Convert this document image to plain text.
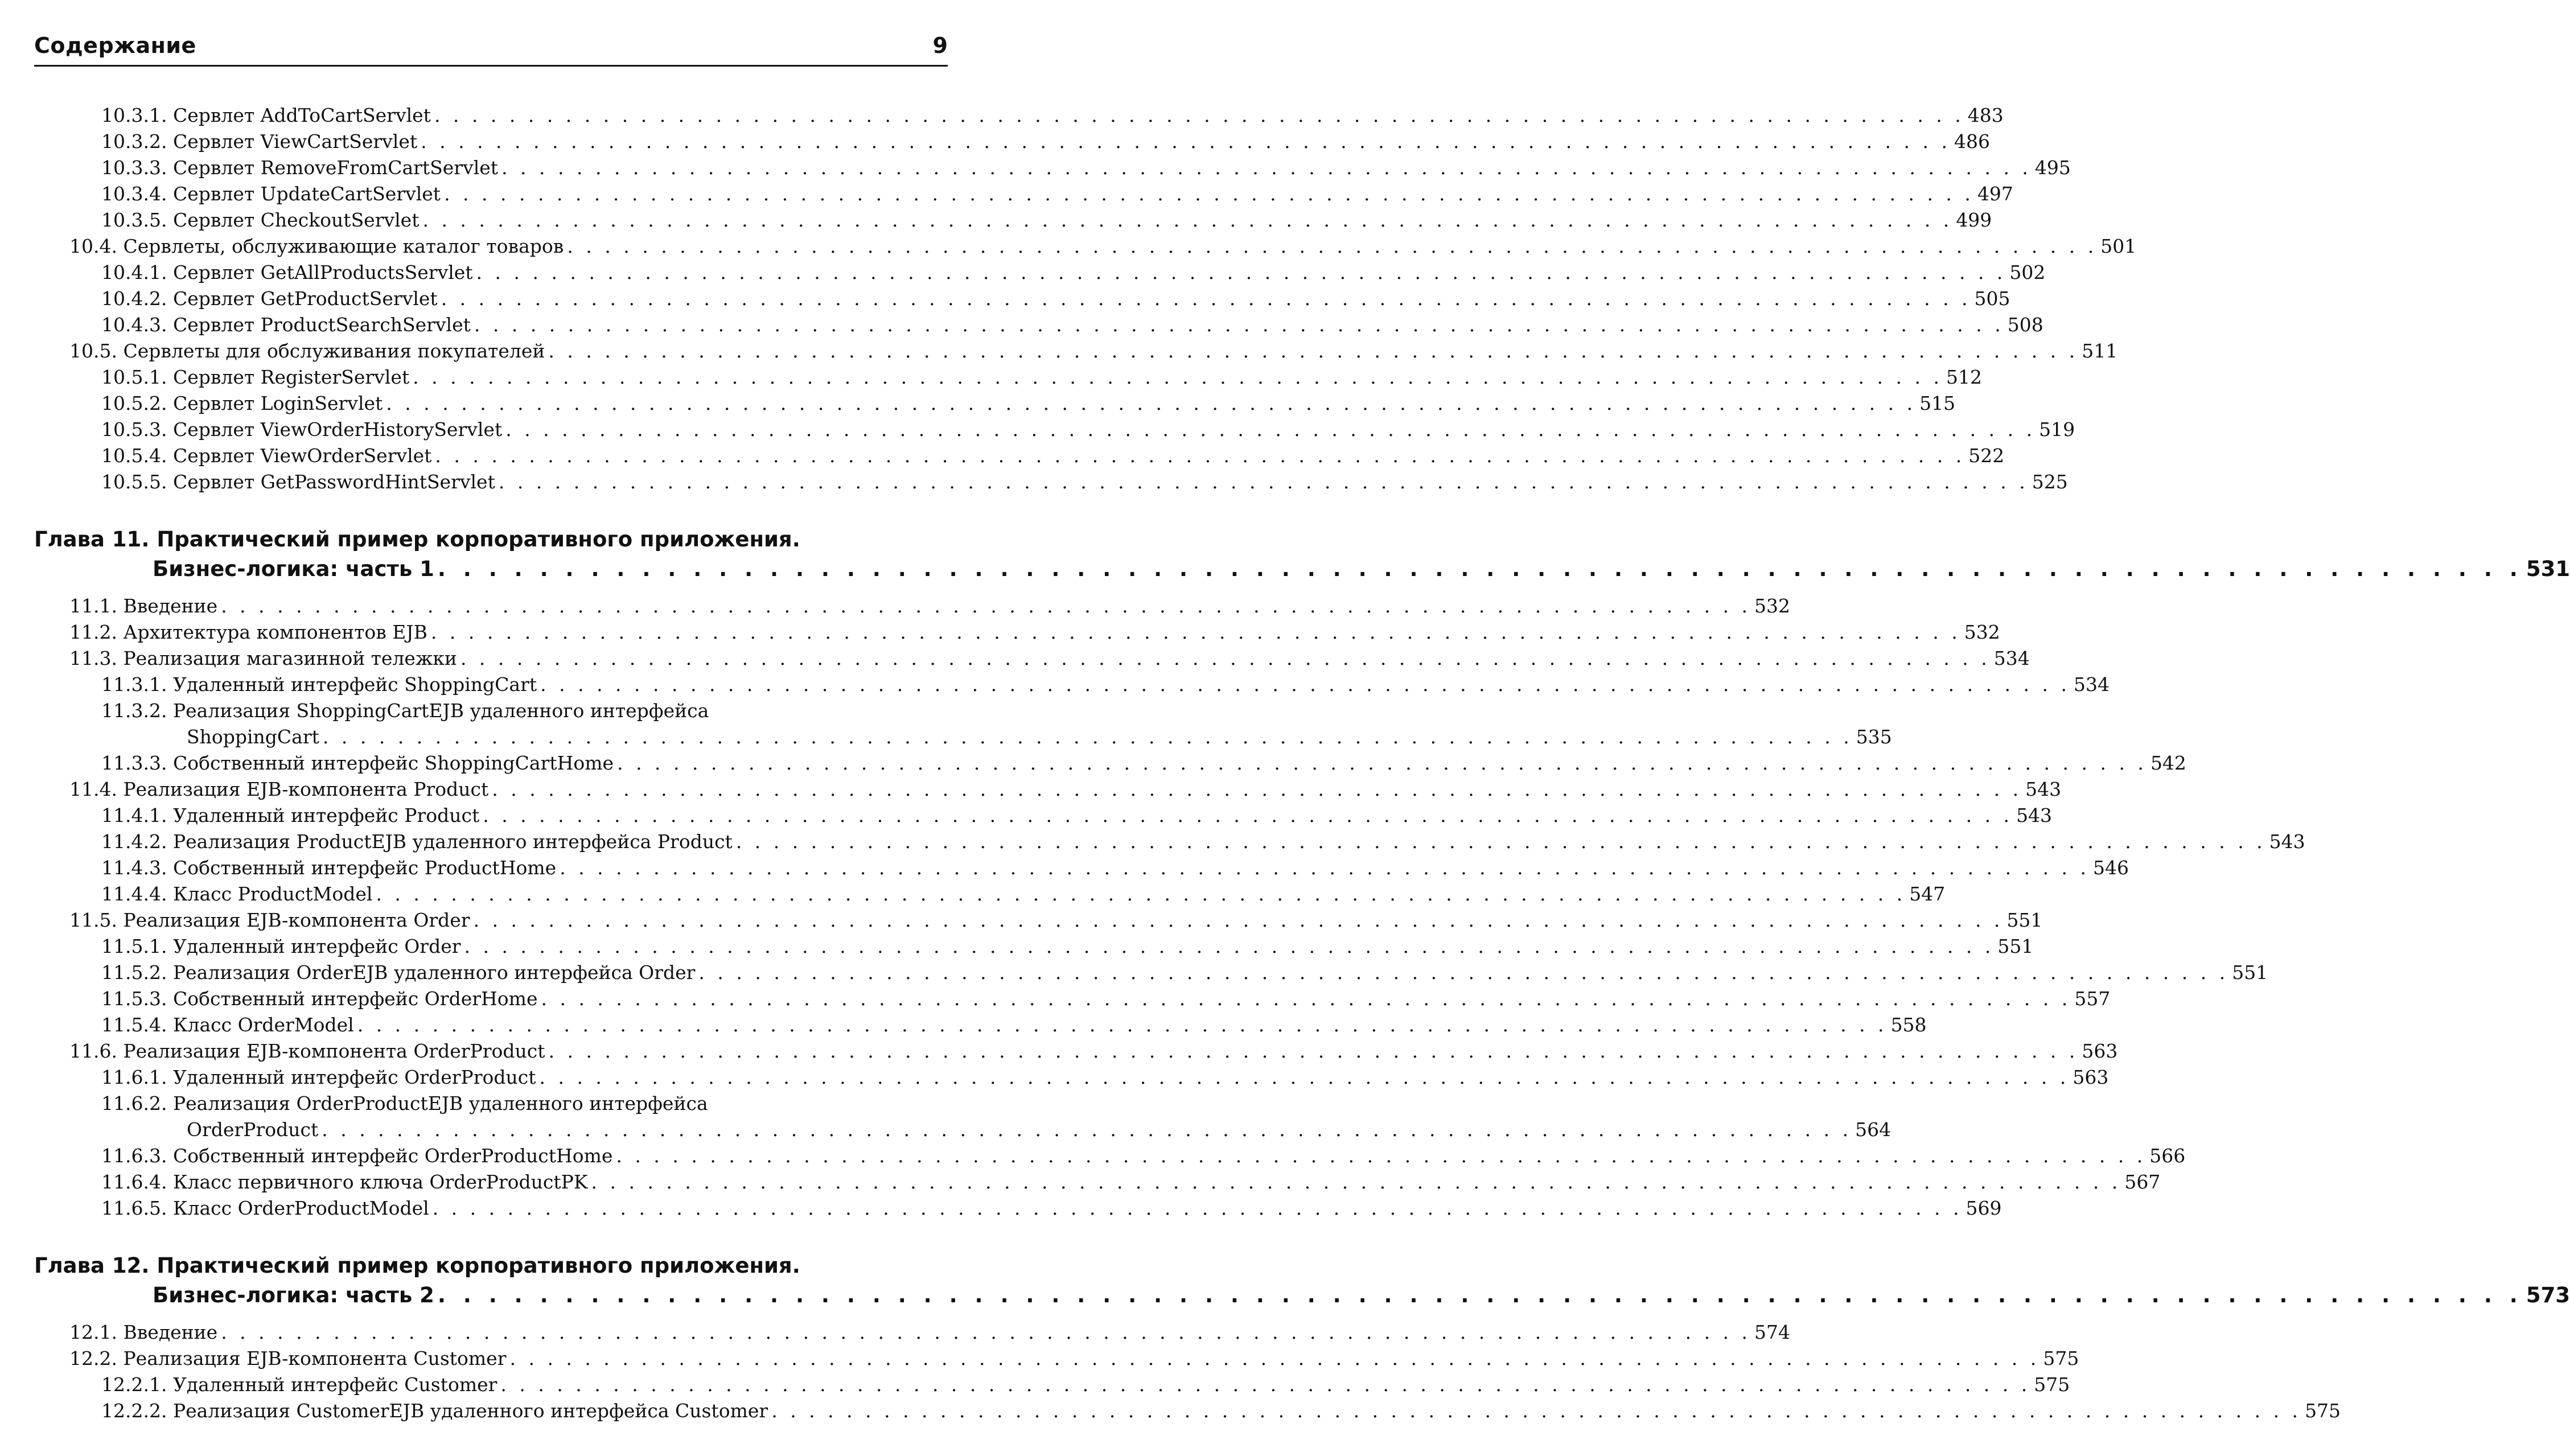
Содержание	9
10.3.1. Сервлет AddToCartServlet . . . . . . . . . . . . . . . . . . . . . . . . . . . . . . . . . . . . . . . . . . . . . . . . . . . . . . . . . . . . . . . . . . . . . . . . . . . . . . . . . . 483
10.3.2. Сервлет ViewCartServlet . . . . . . . . . . . . . . . . . . . . . . . . . . . . . . . . . . . . . . . . . . . . . . . . . . . . . . . . . . . . . . . . . . . . . . . . . . . . . . . . . . 486
10.3.3. Сервлет RemoveFromCartServlet . . . . . . . . . . . . . . . . . . . . . . . . . . . . . . . . . . . . . . . . . . . . . . . . . . . . . . . . . . . . . . . . . . . . . . . . . . . . . . . . . . 495
10.3.4. Сервлет UpdateCartServlet . . . . . . . . . . . . . . . . . . . . . . . . . . . . . . . . . . . . . . . . . . . . . . . . . . . . . . . . . . . . . . . . . . . . . . . . . . . . . . . . . . 497
10.3.5. Сервлет CheckoutServlet . . . . . . . . . . . . . . . . . . . . . . . . . . . . . . . . . . . . . . . . . . . . . . . . . . . . . . . . . . . . . . . . . . . . . . . . . . . . . . . . . . 499
10.4. Сервлеты, обслуживающие каталог товаров . . . . . . . . . . . . . . . . . . . . . . . . . . . . . . . . . . . . . . . . . . . . . . . . . . . . . . . . . . . . . . . . . . . . . . . . . . . . . . . . . . 501
10.4.1. Сервлет GetAllProductsServlet . . . . . . . . . . . . . . . . . . . . . . . . . . . . . . . . . . . . . . . . . . . . . . . . . . . . . . . . . . . . . . . . . . . . . . . . . . . . . . . . . . 502
10.4.2. Сервлет GetProductServlet . . . . . . . . . . . . . . . . . . . . . . . . . . . . . . . . . . . . . . . . . . . . . . . . . . . . . . . . . . . . . . . . . . . . . . . . . . . . . . . . . . 505
10.4.3. Сервлет ProductSearchServlet . . . . . . . . . . . . . . . . . . . . . . . . . . . . . . . . . . . . . . . . . . . . . . . . . . . . . . . . . . . . . . . . . . . . . . . . . . . . . . . . . . 508
10.5. Сервлеты для обслуживания покупателей . . . . . . . . . . . . . . . . . . . . . . . . . . . . . . . . . . . . . . . . . . . . . . . . . . . . . . . . . . . . . . . . . . . . . . . . . . . . . . . . . . 511
10.5.1. Сервлет RegisterServlet . . . . . . . . . . . . . . . . . . . . . . . . . . . . . . . . . . . . . . . . . . . . . . . . . . . . . . . . . . . . . . . . . . . . . . . . . . . . . . . . . . 512
10.5.2. Сервлет LoginServlet . . . . . . . . . . . . . . . . . . . . . . . . . . . . . . . . . . . . . . . . . . . . . . . . . . . . . . . . . . . . . . . . . . . . . . . . . . . . . . . . . . 515
10.5.3. Сервлет ViewOrderHistoryServlet . . . . . . . . . . . . . . . . . . . . . . . . . . . . . . . . . . . . . . . . . . . . . . . . . . . . . . . . . . . . . . . . . . . . . . . . . . . . . . . . . . 519
10.5.4. Сервлет ViewOrderServlet . . . . . . . . . . . . . . . . . . . . . . . . . . . . . . . . . . . . . . . . . . . . . . . . . . . . . . . . . . . . . . . . . . . . . . . . . . . . . . . . . . 522
10.5.5. Сервлет GetPasswordHintServlet . . . . . . . . . . . . . . . . . . . . . . . . . . . . . . . . . . . . . . . . . . . . . . . . . . . . . . . . . . . . . . . . . . . . . . . . . . . . . . . . . . 525
Глава 11. Практический пример корпоративного приложения.
Бизнес-логика: часть 1 . . . . . . . . . . . . . . . . . . . . . . . . . . . . . . . . . . . . . . . . . . . . . . . . . . . . . . . . . . . . . . . . . . . . . . . . . . . . . . . . . . 531
11.1. Введение . . . . . . . . . . . . . . . . . . . . . . . . . . . . . . . . . . . . . . . . . . . . . . . . . . . . . . . . . . . . . . . . . . . . . . . . . . . . . . . . . . 532
11.2. Архитектура компонентов EJB . . . . . . . . . . . . . . . . . . . . . . . . . . . . . . . . . . . . . . . . . . . . . . . . . . . . . . . . . . . . . . . . . . . . . . . . . . . . . . . . . . 532
11.3. Реализация магазинной тележки . . . . . . . . . . . . . . . . . . . . . . . . . . . . . . . . . . . . . . . . . . . . . . . . . . . . . . . . . . . . . . . . . . . . . . . . . . . . . . . . . . 534
11.3.1. Удаленный интерфейс ShoppingCart . . . . . . . . . . . . . . . . . . . . . . . . . . . . . . . . . . . . . . . . . . . . . . . . . . . . . . . . . . . . . . . . . . . . . . . . . . . . . . . . . . 534
11.3.2. Реализация ShoppingCartEJB удаленного интерфейса
ShoppingCart . . . . . . . . . . . . . . . . . . . . . . . . . . . . . . . . . . . . . . . . . . . . . . . . . . . . . . . . . . . . . . . . . . . . . . . . . . . . . . . . . . 535
11.3.3. Собственный интерфейс ShoppingCartHome . . . . . . . . . . . . . . . . . . . . . . . . . . . . . . . . . . . . . . . . . . . . . . . . . . . . . . . . . . . . . . . . . . . . . . . . . . . . . . . . . . 542
11.4. Реализация EJB-компонента Product . . . . . . . . . . . . . . . . . . . . . . . . . . . . . . . . . . . . . . . . . . . . . . . . . . . . . . . . . . . . . . . . . . . . . . . . . . . . . . . . . . 543
11.4.1. Удаленный интерфейс Product . . . . . . . . . . . . . . . . . . . . . . . . . . . . . . . . . . . . . . . . . . . . . . . . . . . . . . . . . . . . . . . . . . . . . . . . . . . . . . . . . . 543
11.4.2. Реализация ProductEJB удаленного интерфейса Product . . . . . . . . . . . . . . . . . . . . . . . . . . . . . . . . . . . . . . . . . . . . . . . . . . . . . . . . . . . . . . . . . . . . . . . . . . . . . . . . . . 543
11.4.3. Собственный интерфейс ProductHome . . . . . . . . . . . . . . . . . . . . . . . . . . . . . . . . . . . . . . . . . . . . . . . . . . . . . . . . . . . . . . . . . . . . . . . . . . . . . . . . . . 546
11.4.4. Класс ProductModel . . . . . . . . . . . . . . . . . . . . . . . . . . . . . . . . . . . . . . . . . . . . . . . . . . . . . . . . . . . . . . . . . . . . . . . . . . . . . . . . . . 547
11.5. Реализация EJB-компонента Order . . . . . . . . . . . . . . . . . . . . . . . . . . . . . . . . . . . . . . . . . . . . . . . . . . . . . . . . . . . . . . . . . . . . . . . . . . . . . . . . . . 551
11.5.1. Удаленный интерфейс Order . . . . . . . . . . . . . . . . . . . . . . . . . . . . . . . . . . . . . . . . . . . . . . . . . . . . . . . . . . . . . . . . . . . . . . . . . . . . . . . . . . 551
11.5.2. Реализация OrderEJB удаленного интерфейса Order . . . . . . . . . . . . . . . . . . . . . . . . . . . . . . . . . . . . . . . . . . . . . . . . . . . . . . . . . . . . . . . . . . . . . . . . . . . . . . . . . . 551
11.5.3. Собственный интерфейс OrderHome . . . . . . . . . . . . . . . . . . . . . . . . . . . . . . . . . . . . . . . . . . . . . . . . . . . . . . . . . . . . . . . . . . . . . . . . . . . . . . . . . . 557
11.5.4. Класс OrderModel . . . . . . . . . . . . . . . . . . . . . . . . . . . . . . . . . . . . . . . . . . . . . . . . . . . . . . . . . . . . . . . . . . . . . . . . . . . . . . . . . . 558
11.6. Реализация EJB-компонента OrderProduct . . . . . . . . . . . . . . . . . . . . . . . . . . . . . . . . . . . . . . . . . . . . . . . . . . . . . . . . . . . . . . . . . . . . . . . . . . . . . . . . . . 563
11.6.1. Удаленный интерфейс OrderProduct . . . . . . . . . . . . . . . . . . . . . . . . . . . . . . . . . . . . . . . . . . . . . . . . . . . . . . . . . . . . . . . . . . . . . . . . . . . . . . . . . . 563
11.6.2. Реализация OrderProductEJB удаленного интерфейса
OrderProduct . . . . . . . . . . . . . . . . . . . . . . . . . . . . . . . . . . . . . . . . . . . . . . . . . . . . . . . . . . . . . . . . . . . . . . . . . . . . . . . . . . 564
11.6.3. Собственный интерфейс OrderProductHome . . . . . . . . . . . . . . . . . . . . . . . . . . . . . . . . . . . . . . . . . . . . . . . . . . . . . . . . . . . . . . . . . . . . . . . . . . . . . . . . . . 566
11.6.4. Класс первичного ключа OrderProductPK . . . . . . . . . . . . . . . . . . . . . . . . . . . . . . . . . . . . . . . . . . . . . . . . . . . . . . . . . . . . . . . . . . . . . . . . . . . . . . . . . . 567
11.6.5. Класс OrderProductModel . . . . . . . . . . . . . . . . . . . . . . . . . . . . . . . . . . . . . . . . . . . . . . . . . . . . . . . . . . . . . . . . . . . . . . . . . . . . . . . . . . 569
Глава 12. Практический пример корпоративного приложения.
Бизнес-логика: часть 2 . . . . . . . . . . . . . . . . . . . . . . . . . . . . . . . . . . . . . . . . . . . . . . . . . . . . . . . . . . . . . . . . . . . . . . . . . . . . . . . . . . 573
12.1. Введение . . . . . . . . . . . . . . . . . . . . . . . . . . . . . . . . . . . . . . . . . . . . . . . . . . . . . . . . . . . . . . . . . . . . . . . . . . . . . . . . . . 574
12.2. Реализация EJB-компонента Customer . . . . . . . . . . . . . . . . . . . . . . . . . . . . . . . . . . . . . . . . . . . . . . . . . . . . . . . . . . . . . . . . . . . . . . . . . . . . . . . . . . 575
12.2.1. Удаленный интерфейс Customer . . . . . . . . . . . . . . . . . . . . . . . . . . . . . . . . . . . . . . . . . . . . . . . . . . . . . . . . . . . . . . . . . . . . . . . . . . . . . . . . . . 575
12.2.2. Реализация CustomerEJB удаленного интерфейса Customer . . . . . . . . . . . . . . . . . . . . . . . . . . . . . . . . . . . . . . . . . . . . . . . . . . . . . . . . . . . . . . . . . . . . . . . . . . . . . . . . . . 575
